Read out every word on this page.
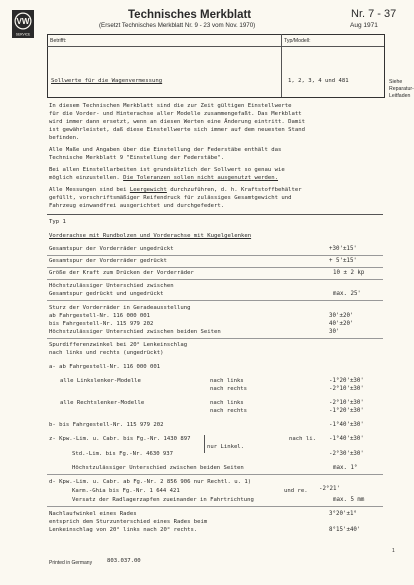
VW
SERVICE
Technisches Merkblatt
(Ersetzt Technisches Merkblatt Nr. 9 - 23 vom Nov. 1970)
Nr. 7 - 37
Aug 1971
Betrifft:	Typ/Modell:
Sollwerte für die Wagenvermessung	1, 2, 3, 4 und 481	Siehe
Reparatur-
Leitfaden
In diesem Technischen Merkblatt sind die zur Zeit gültigen Einstellwerte
für die Vorder- und Hinterachse aller Modelle zusammengefaßt. Das Merkblatt
wird immer dann ersetzt, wenn an diesen Werten eine Änderung eintritt. Damit
ist gewährleistet, daß diese Einstellwerte sich immer auf dem neuesten Stand
befinden.
Alle Maße und Angaben über die Einstellung der Federstäbe enthält das
Technische Merkblatt 9 "Einstellung der Federstäbe".
Bei allen Einstellarbeiten ist grundsätzlich der Sollwert so genau wie
möglich einzustellen. Die Toleranzen sollen nicht ausgenutzt werden.
Alle Messungen sind bei Leergewicht durchzuführen, d. h. Kraftstoffbehälter
gefüllt, vorschriftsmäßiger Reifendruck für zulässiges Gesamtgewicht und
Fahrzeug einwandfrei ausgerichtet und durchgefedert.
Typ 1
Vorderachse mit Rundbolzen und Vorderachse mit Kugelgelenken
Gesamtspur der Vorderräder ungedrückt	+30'±15'
Gesamtspur der Vorderräder gedrückt	+ 5'±15'
Größe der Kraft zum Drücken der Vorderräder	10 ± 2 kp
Höchstzulässiger Unterschied zwischen
Gesamtspur gedrückt und ungedrückt	max. 25'
Sturz der Vorderräder in Geradeausstellung
ab Fahrgestell-Nr. 116 000 001	30'±20'
bis Fahrgestell-Nr. 115 979 202	40'±20'
Höchstzulässiger Unterschied zwischen beiden Seiten	30'
Spurdifferenzwinkel bei 20° Lenkeinschlag
nach links und rechts (ungedrückt)
a- ab Fahrgestell-Nr. 116 000 001
alle Linkslenker-Modelle	nach links	-1°20'±30'
nach rechts	-2°10'±30'
alle Rechtslenker-Modelle	nach links	-2°10'±30'
nach rechts	-1°20'±30'
b- bis Fahrgestell-Nr. 115 979 202	-1°40'±30'
z- Kpw.-Lim. u. Cabr. bis Fg.-Nr. 1430 897	nach li. -1°40'±30'
nur Linkel.
Std.-Lim. bis Fg.-Nr. 4630 937	-2°30'±30'
Höchstzulässiger Unterschied zwischen beiden Seiten	max. 1°
d- Kpw.-Lim. u. Cabr. ab Fg.-Nr. 2 856 906 nur Rechtl. u. 1)
Karm.-Ghia bis Fg.-Nr. 1 644 421	und re. -2°21'
Versatz der Radlagerzapfen zueinander in Fahrtrichtung	max. 5 mm
Nachlaufwinkel eines Rades	3°20'±1°
entsprich dem Sturzunterschied eines Rades beim
Lenkeinschlag von 20° links nach 20° rechts.	8°15'±40'
Printed in Germany	803.037.00
1
